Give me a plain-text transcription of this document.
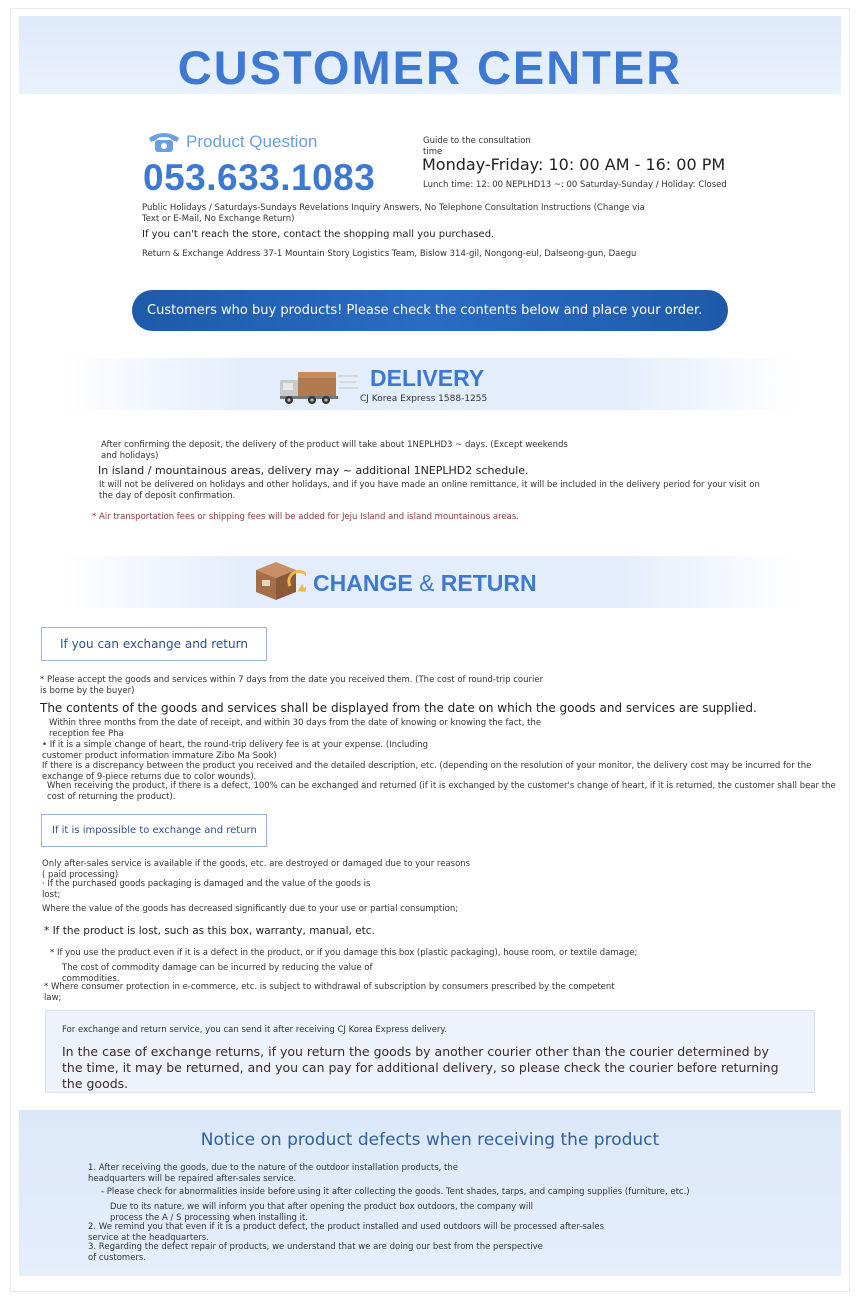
CUSTOMER CENTER
Product Question
053.633.1083
Guide to the consultation time
Monday-Friday: 10: 00 AM - 16: 00 PM
Lunch time: 12: 00 NEPLHD13 ~: 00 Saturday-Sunday / Holiday: Closed
Public Holidays / Saturdays-Sundays Revelations Inquiry Answers, No Telephone Consultation Instructions (Change via Text or E-Mail, No Exchange Return)
If you can't reach the store, contact the shopping mall you purchased.
Return & Exchange Address 37-1 Mountain Story Logistics Team, Bislow 314-gil, Nongong-eul, Dalseong-gun, Daegu
Customers who buy products! Please check the contents below and place your order.
DELIVERY
CJ Korea Express 1588-1255
After confirming the deposit, the delivery of the product will take about 1NEPLHD3 ~ days. (Except weekends and holidays)
In island / mountainous areas, delivery may ~ additional 1NEPLHD2 schedule.
It will not be delivered on holidays and other holidays, and if you have made an online remittance, it will be included in the delivery period for your visit on the day of deposit confirmation.
* Air transportation fees or shipping fees will be added for Jeju Island and island mountainous areas.
CHANGE & RETURN
If you can exchange and return
* Please accept the goods and services within 7 days from the date you received them. (The cost of round-trip courier is borne by the buyer)
The contents of the goods and services shall be displayed from the date on which the goods and services are supplied.
Within three months from the date of receipt, and within 30 days from the date of knowing or knowing the fact, the reception fee Pha
• If it is a simple change of heart, the round-trip delivery fee is at your expense. (Including customer product information immature Zibo Ma Sook)
If there is a discrepancy between the product you received and the detailed description, etc. (depending on the resolution of your monitor, the delivery cost may be incurred for the exchange of 9-piece returns due to color wounds).
When receiving the product, if there is a defect, 100% can be exchanged and returned (if it is exchanged by the customer's change of heart, if it is returned, the customer shall bear the cost of returning the product).
If it is impossible to exchange and return
Only after-sales service is available if the goods, etc. are destroyed or damaged due to your reasons ( paid processing)
· If the purchased goods packaging is damaged and the value of the goods is lost;
Where the value of the goods has decreased significantly due to your use or partial consumption;
* If the product is lost, such as this box, warranty, manual, etc.
* If you use the product even if it is a defect in the product, or if you damage this box (plastic packaging), house room, or textile damage;
The cost of commodity damage can be incurred by reducing the value of commodities.
* Where consumer protection in e-commerce, etc. is subject to withdrawal of subscription by consumers prescribed by the competent law;
For exchange and return service, you can send it after receiving CJ Korea Express delivery.
In the case of exchange returns, if you return the goods by another courier other than the courier determined by the time, it may be returned, and you can pay for additional delivery, so please check the courier before returning the goods.
Notice on product defects when receiving the product
1. After receiving the goods, due to the nature of the outdoor installation products, the headquarters will be repaired after-sales service.
- Please check for abnormalities inside before using it after collecting the goods. Tent shades, tarps, and camping supplies (furniture, etc.)
Due to its nature, we will inform you that after opening the product box outdoors, the company will process the A / S processing when installing it.
2. We remind you that even if it is a product defect, the product installed and used outdoors will be processed after-sales service at the headquarters.
3. Regarding the defect repair of products, we understand that we are doing our best from the perspective of customers.
